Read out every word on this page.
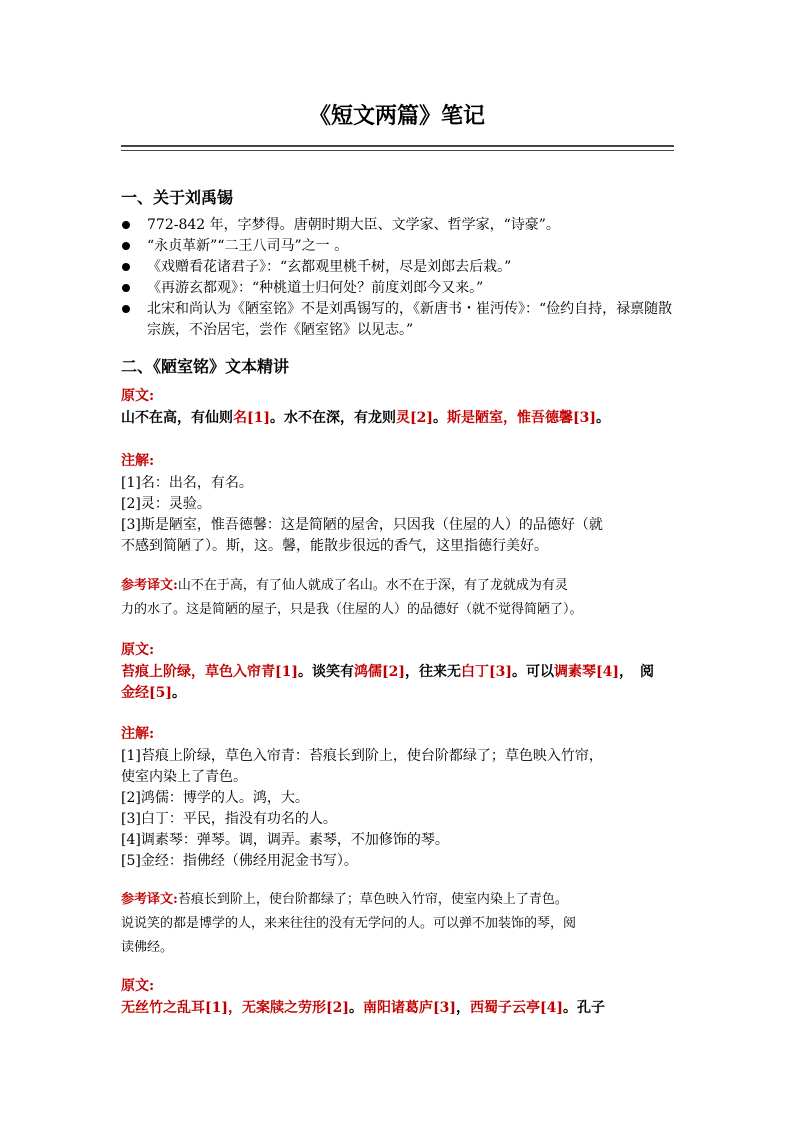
《短文两篇》笔记
一、关于刘禹锡
772-842 年，字梦得。唐朝时期大臣、文学家、哲学家，“诗豪”。
“永贞革新”“二王八司马”之一 。
《戏赠看花诸君子》：“玄都观里桃千树，尽是刘郎去后栽。”
《再游玄都观》：“种桃道士归何处？前度刘郎今又来。”
北宋和尚认为《陋室铭》不是刘禹锡写的，《新唐书・崔沔传》：“俭约自持，禄禀随散宗族，不治居宅，尝作《陋室铭》以见志。”
二、《陋室铭》文本精讲
原文:
山不在高，有仙则名[1]。水不在深，有龙则灵[2]。斯是陋室，惟吾德馨[3]。
注解:
[1]名：出名，有名。
[2]灵：灵验。
[3]斯是陋室，惟吾德馨：这是简陋的屋舍，只因我（住屋的人）的品德好（就
不感到简陋了）。斯，这。馨，能散步很远的香气，这里指德行美好。
参考译文:山不在于高，有了仙人就成了名山。水不在于深，有了龙就成为有灵
力的水了。这是简陋的屋子，只是我（住屋的人）的品德好（就不觉得简陋了）。
原文:
苔痕上阶绿，草色入帘青[1]。谈笑有鸿儒[2]，往来无白丁[3]。可以调素琴[4]，　阅
金经[5]。
注解:
[1]苔痕上阶绿，草色入帘青：苔痕长到阶上，使台阶都绿了；草色映入竹帘，
使室内染上了青色。
[2]鸿儒：博学的人。鸿，大。
[3]白丁：平民，指没有功名的人。
[4]调素琴：弹琴。调，调弄。素琴，不加修饰的琴。
[5]金经：指佛经（佛经用泥金书写）。
参考译文:苔痕长到阶上，使台阶都绿了；草色映入竹帘，使室内染上了青色。
说说笑的都是博学的人，来来往往的没有无学问的人。可以弹不加装饰的琴，阅
读佛经。
原文:
无丝竹之乱耳[1]，无案牍之劳形[2]。南阳诸葛庐[3]，西蜀子云亭[4]。孔子
